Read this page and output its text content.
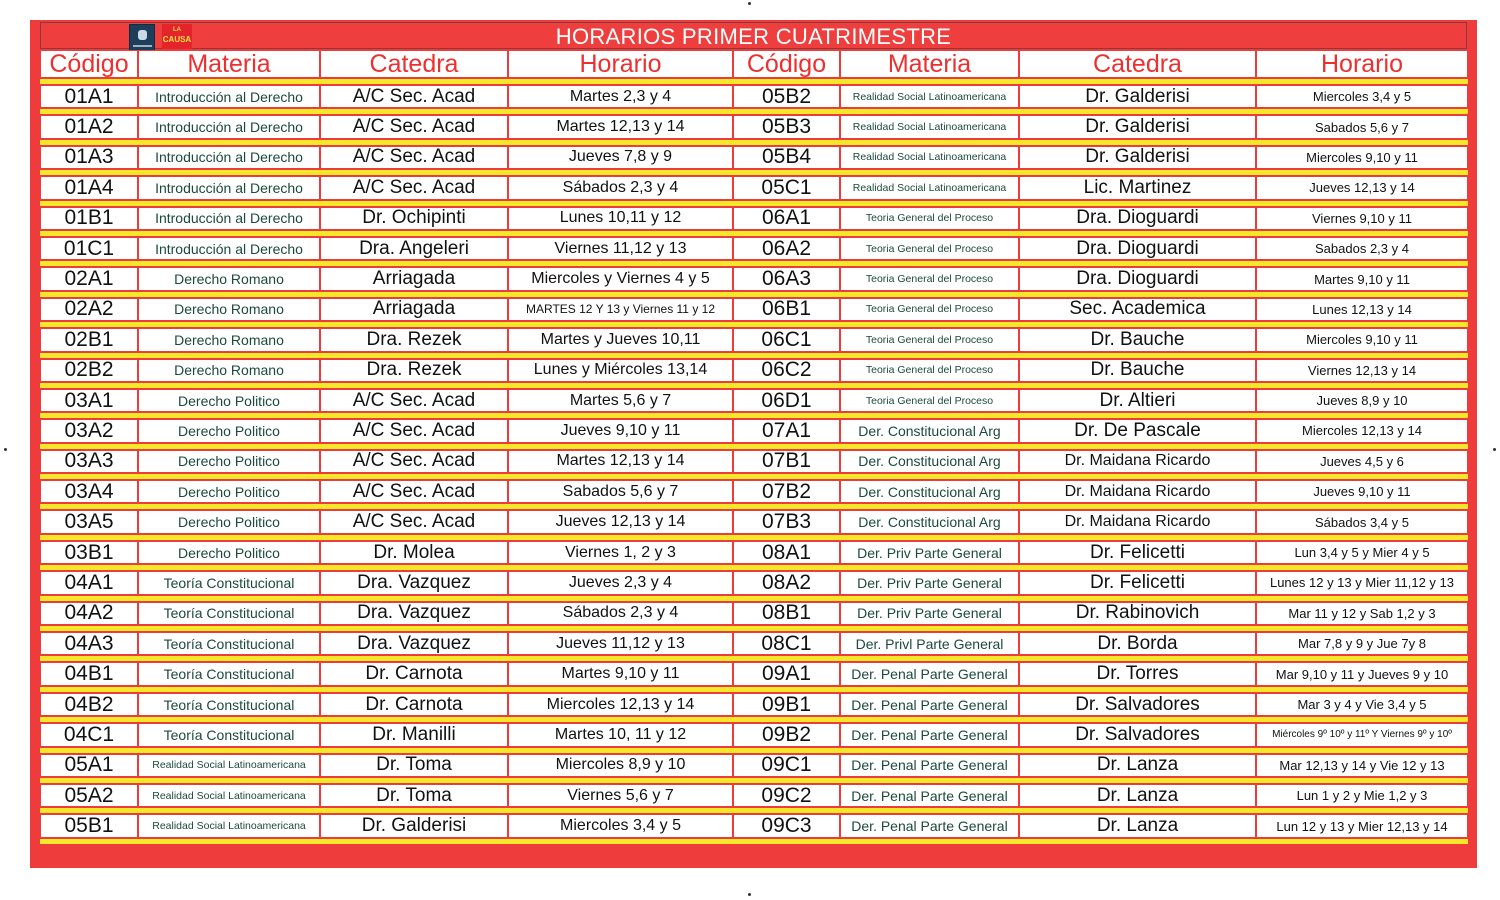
LA
CAUSA	HORARIOS PRIMER CUATRIMESTRE
Código	Materia	Catedra	Horario	Código	Materia	Catedra	Horario
01A1	Introducción al Derecho	A/C Sec. Acad	Martes 2,3 y 4	05B2	Realidad Social Latinoamericana	Dr. Galderisi	Miercoles 3,4 y 5
01A2	Introducción al Derecho	A/C Sec. Acad	Martes 12,13 y 14	05B3	Realidad Social Latinoamericana	Dr. Galderisi	Sabados 5,6 y 7
01A3	Introducción al Derecho	A/C Sec. Acad	Jueves 7,8 y 9	05B4	Realidad Social Latinoamericana	Dr. Galderisi	Miercoles 9,10 y 11
01A4	Introducción al Derecho	A/C Sec. Acad	Sábados 2,3 y 4	05C1	Realidad Social Latinoamericana	Lic. Martinez	Jueves 12,13 y 14
01B1	Introducción al Derecho	Dr. Ochipinti	Lunes 10,11 y 12	06A1	Teoria General del Proceso	Dra. Dioguardi	Viernes 9,10 y 11
01C1	Introducción al Derecho	Dra. Angeleri	Viernes 11,12 y 13	06A2	Teoria General del Proceso	Dra. Dioguardi	Sabados 2,3 y 4
02A1	Derecho Romano	Arriagada	Miercoles y Viernes 4 y 5	06A3	Teoria General del Proceso	Dra. Dioguardi	Martes 9,10 y 11
02A2	Derecho Romano	Arriagada	MARTES 12 Y 13 y Viernes 11 y 12	06B1	Teoria General del Proceso	Sec. Academica	Lunes 12,13 y 14
02B1	Derecho Romano	Dra. Rezek	Martes y Jueves 10,11	06C1	Teoria General del Proceso	Dr. Bauche	Miercoles 9,10 y 11
02B2	Derecho Romano	Dra. Rezek	Lunes y Miércoles 13,14	06C2	Teoria General del Proceso	Dr. Bauche	Viernes 12,13 y 14
03A1	Derecho Politico	A/C Sec. Acad	Martes 5,6 y 7	06D1	Teoria General del Proceso	Dr. Altieri	Jueves 8,9 y 10
03A2	Derecho Politico	A/C Sec. Acad	Jueves 9,10 y 11	07A1	Der. Constitucional Arg	Dr. De Pascale	Miercoles 12,13 y 14
03A3	Derecho Politico	A/C Sec. Acad	Martes 12,13 y 14	07B1	Der. Constitucional Arg	Dr. Maidana Ricardo	Jueves 4,5 y 6
03A4	Derecho Politico	A/C Sec. Acad	Sabados 5,6 y 7	07B2	Der. Constitucional Arg	Dr. Maidana Ricardo	Jueves 9,10 y 11
03A5	Derecho Politico	A/C Sec. Acad	Jueves 12,13 y 14	07B3	Der. Constitucional Arg	Dr. Maidana Ricardo	Sábados 3,4 y 5
03B1	Derecho Politico	Dr. Molea	Viernes 1, 2 y 3	08A1	Der. Priv Parte General	Dr. Felicetti	Lun 3,4 y 5 y Mier 4 y 5
04A1	Teoría Constitucional	Dra. Vazquez	Jueves 2,3 y 4	08A2	Der. Priv Parte General	Dr. Felicetti	Lunes 12 y 13 y Mier 11,12 y 13
04A2	Teoría Constitucional	Dra. Vazquez	Sábados 2,3 y 4	08B1	Der. Priv Parte General	Dr. Rabinovich	Mar 11 y 12 y Sab 1,2 y 3
04A3	Teoría Constitucional	Dra. Vazquez	Jueves 11,12 y 13	08C1	Der. Privl Parte General	Dr. Borda	Mar 7,8 y 9 y Jue 7y 8
04B1	Teoría Constitucional	Dr. Carnota	Martes 9,10 y 11	09A1	Der. Penal Parte General	Dr. Torres	Mar 9,10 y 11 y Jueves 9 y 10
04B2	Teoría Constitucional	Dr. Carnota	Miercoles 12,13 y 14	09B1	Der. Penal Parte General	Dr. Salvadores	Mar 3 y 4 y Vie 3,4 y 5
04C1	Teoría Constitucional	Dr. Manilli	Martes 10, 11 y 12	09B2	Der. Penal Parte General	Dr. Salvadores	Miércoles 9º 10º y 11º Y Viernes 9º y 10º
05A1	Realidad Social Latinoamericana	Dr. Toma	Miercoles 8,9 y 10	09C1	Der. Penal Parte General	Dr. Lanza	Mar 12,13 y 14 y Vie 12 y 13
05A2	Realidad Social Latinoamericana	Dr. Toma	Viernes 5,6 y 7	09C2	Der. Penal Parte General	Dr. Lanza	Lun 1 y 2 y Mie 1,2 y 3
05B1	Realidad Social Latinoamericana	Dr. Galderisi	Miercoles 3,4 y 5	09C3	Der. Penal Parte General	Dr. Lanza	Lun 12 y 13 y Mier 12,13 y 14
